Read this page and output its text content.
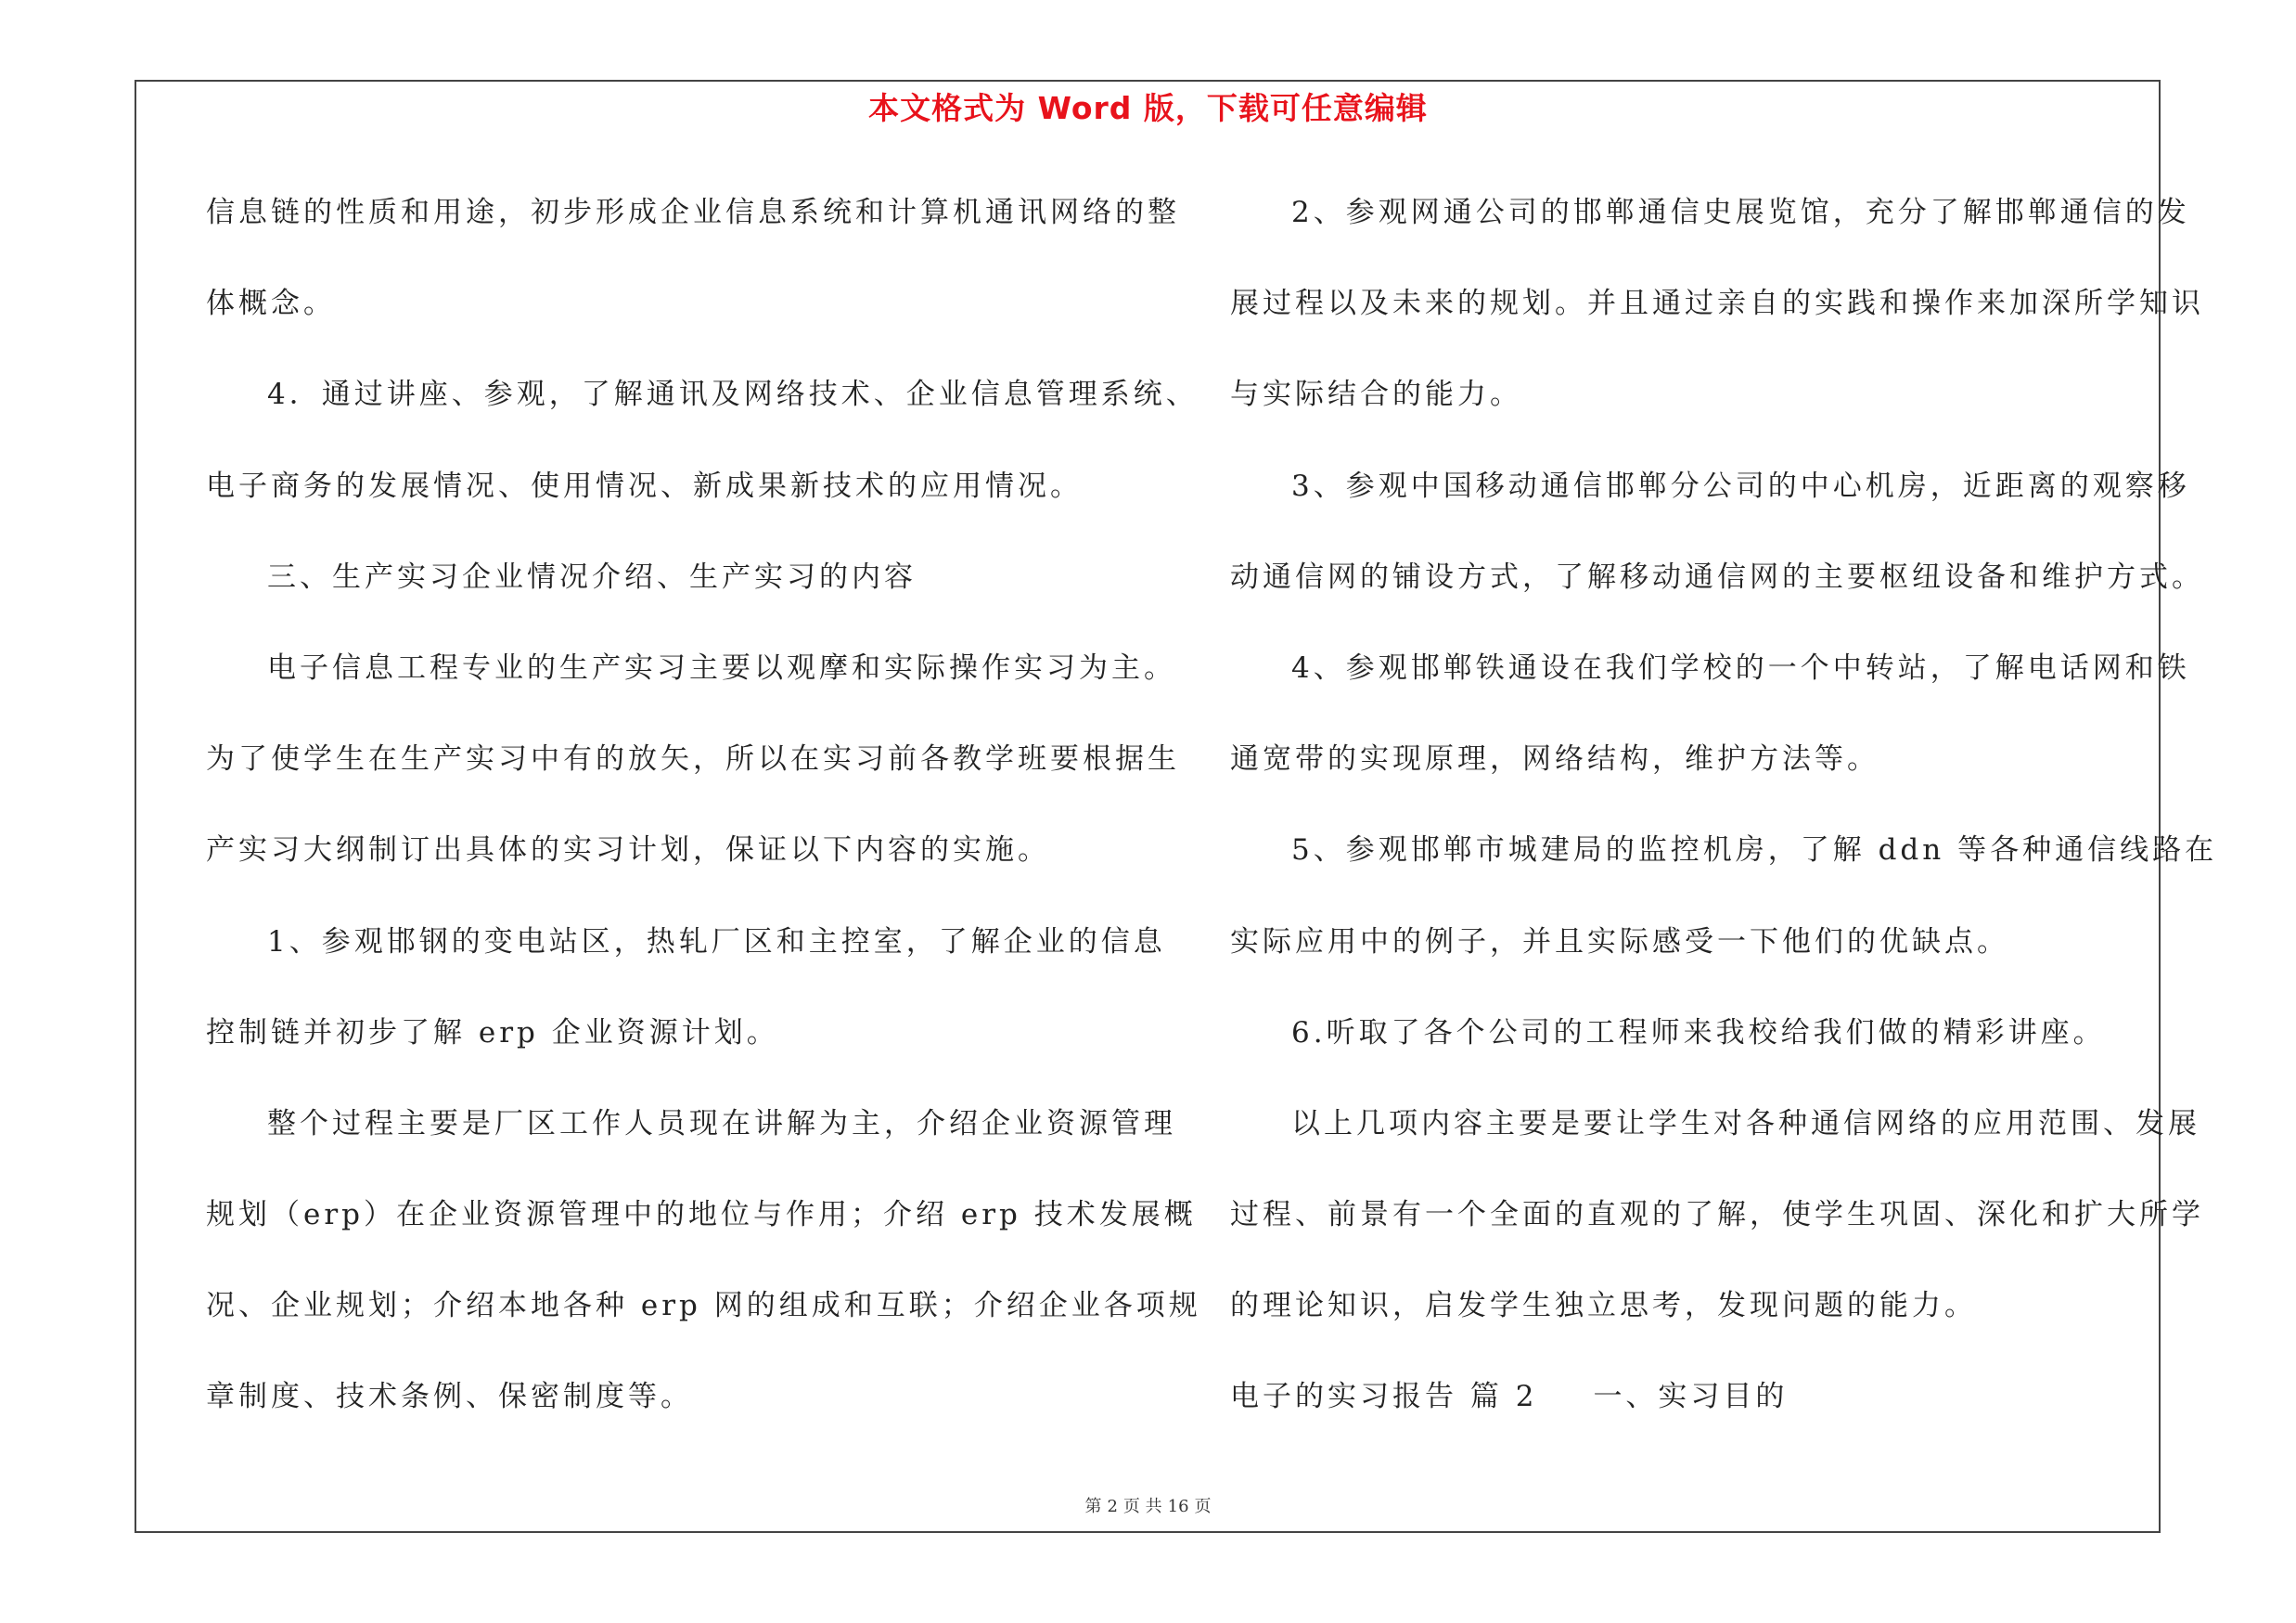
本文格式为 Word 版，下载可任意编辑
信息链的性质和用途，初步形成企业信息系统和计算机通讯网络的整
体概念。
4．通过讲座、参观，了解通讯及网络技术、企业信息管理系统、
电子商务的发展情况、使用情况、新成果新技术的应用情况。
三、生产实习企业情况介绍、生产实习的内容
电子信息工程专业的生产实习主要以观摩和实际操作实习为主。
为了使学生在生产实习中有的放矢，所以在实习前各教学班要根据生
产实习大纲制订出具体的实习计划，保证以下内容的实施。
1、参观邯钢的变电站区，热轧厂区和主控室，了解企业的信息
控制链并初步了解 erp 企业资源计划。
整个过程主要是厂区工作人员现在讲解为主，介绍企业资源管理
规划（erp）在企业资源管理中的地位与作用；介绍 erp 技术发展概
况、企业规划；介绍本地各种 erp 网的组成和互联；介绍企业各项规
章制度、技术条例、保密制度等。
2、参观网通公司的邯郸通信史展览馆，充分了解邯郸通信的发
展过程以及未来的规划。并且通过亲自的实践和操作来加深所学知识
与实际结合的能力。
3、参观中国移动通信邯郸分公司的中心机房，近距离的观察移
动通信网的铺设方式，了解移动通信网的主要枢纽设备和维护方式。
4、参观邯郸铁通设在我们学校的一个中转站，了解电话网和铁
通宽带的实现原理，网络结构，维护方法等。
5、参观邯郸市城建局的监控机房，了解 ddn 等各种通信线路在
实际应用中的例子，并且实际感受一下他们的优缺点。
6.听取了各个公司的工程师来我校给我们做的精彩讲座。
以上几项内容主要是要让学生对各种通信网络的应用范围、发展
过程、前景有一个全面的直观的了解，使学生巩固、深化和扩大所学
的理论知识，启发学生独立思考，发现问题的能力。
电子的实习报告 篇 2 一、实习目的
第 2 页 共 16 页
